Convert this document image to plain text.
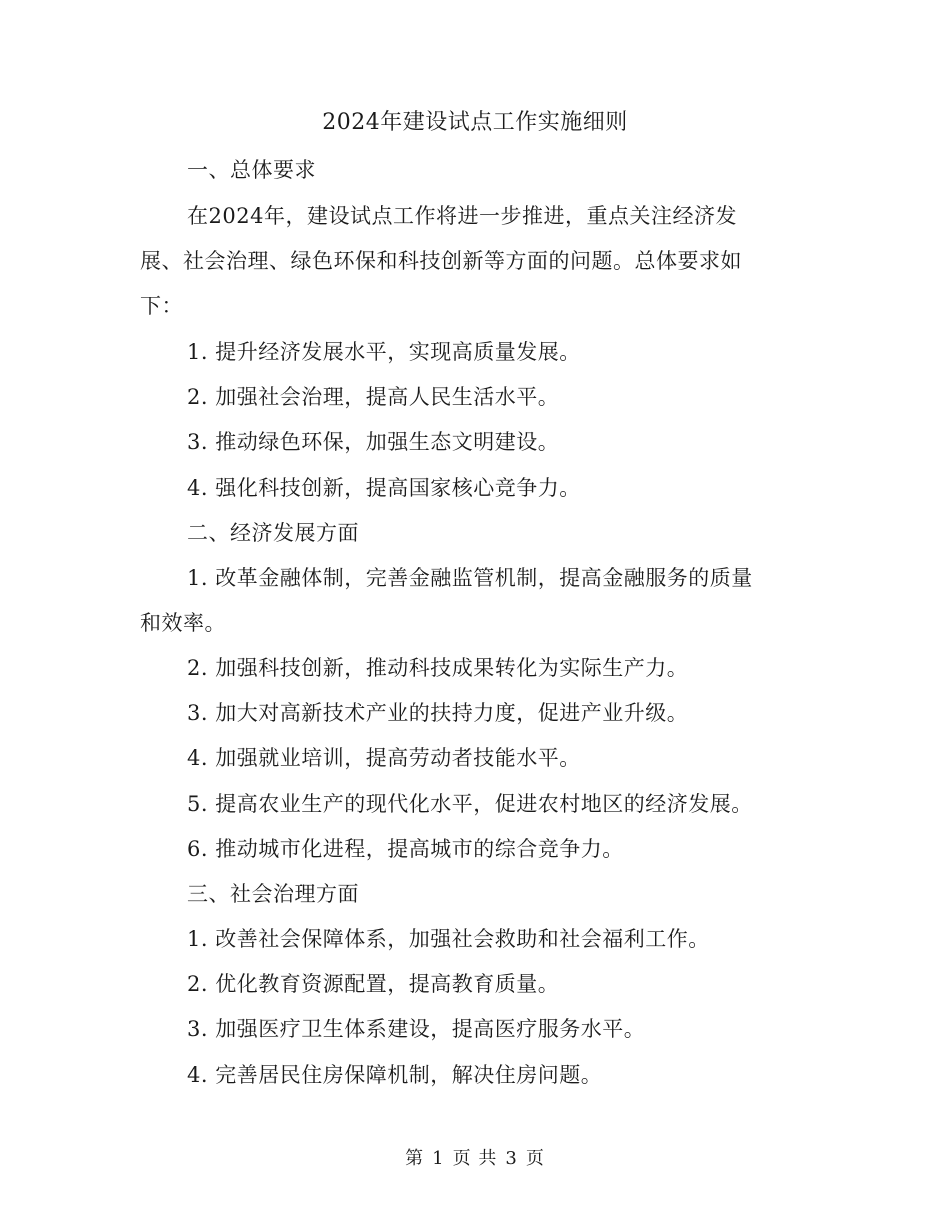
2024年建设试点工作实施细则
一、总体要求
在2024年，建设试点工作将进一步推进，重点关注经济发
展、社会治理、绿色环保和科技创新等方面的问题。总体要求如
下：
1. 提升经济发展水平，实现高质量发展。
2. 加强社会治理，提高人民生活水平。
3. 推动绿色环保，加强生态文明建设。
4. 强化科技创新，提高国家核心竞争力。
二、经济发展方面
1. 改革金融体制，完善金融监管机制，提高金融服务的质量
和效率。
2. 加强科技创新，推动科技成果转化为实际生产力。
3. 加大对高新技术产业的扶持力度，促进产业升级。
4. 加强就业培训，提高劳动者技能水平。
5. 提高农业生产的现代化水平，促进农村地区的经济发展。
6. 推动城市化进程，提高城市的综合竞争力。
三、社会治理方面
1. 改善社会保障体系，加强社会救助和社会福利工作。
2. 优化教育资源配置，提高教育质量。
3. 加强医疗卫生体系建设，提高医疗服务水平。
4. 完善居民住房保障机制，解决住房问题。
第 1 页 共 3 页
